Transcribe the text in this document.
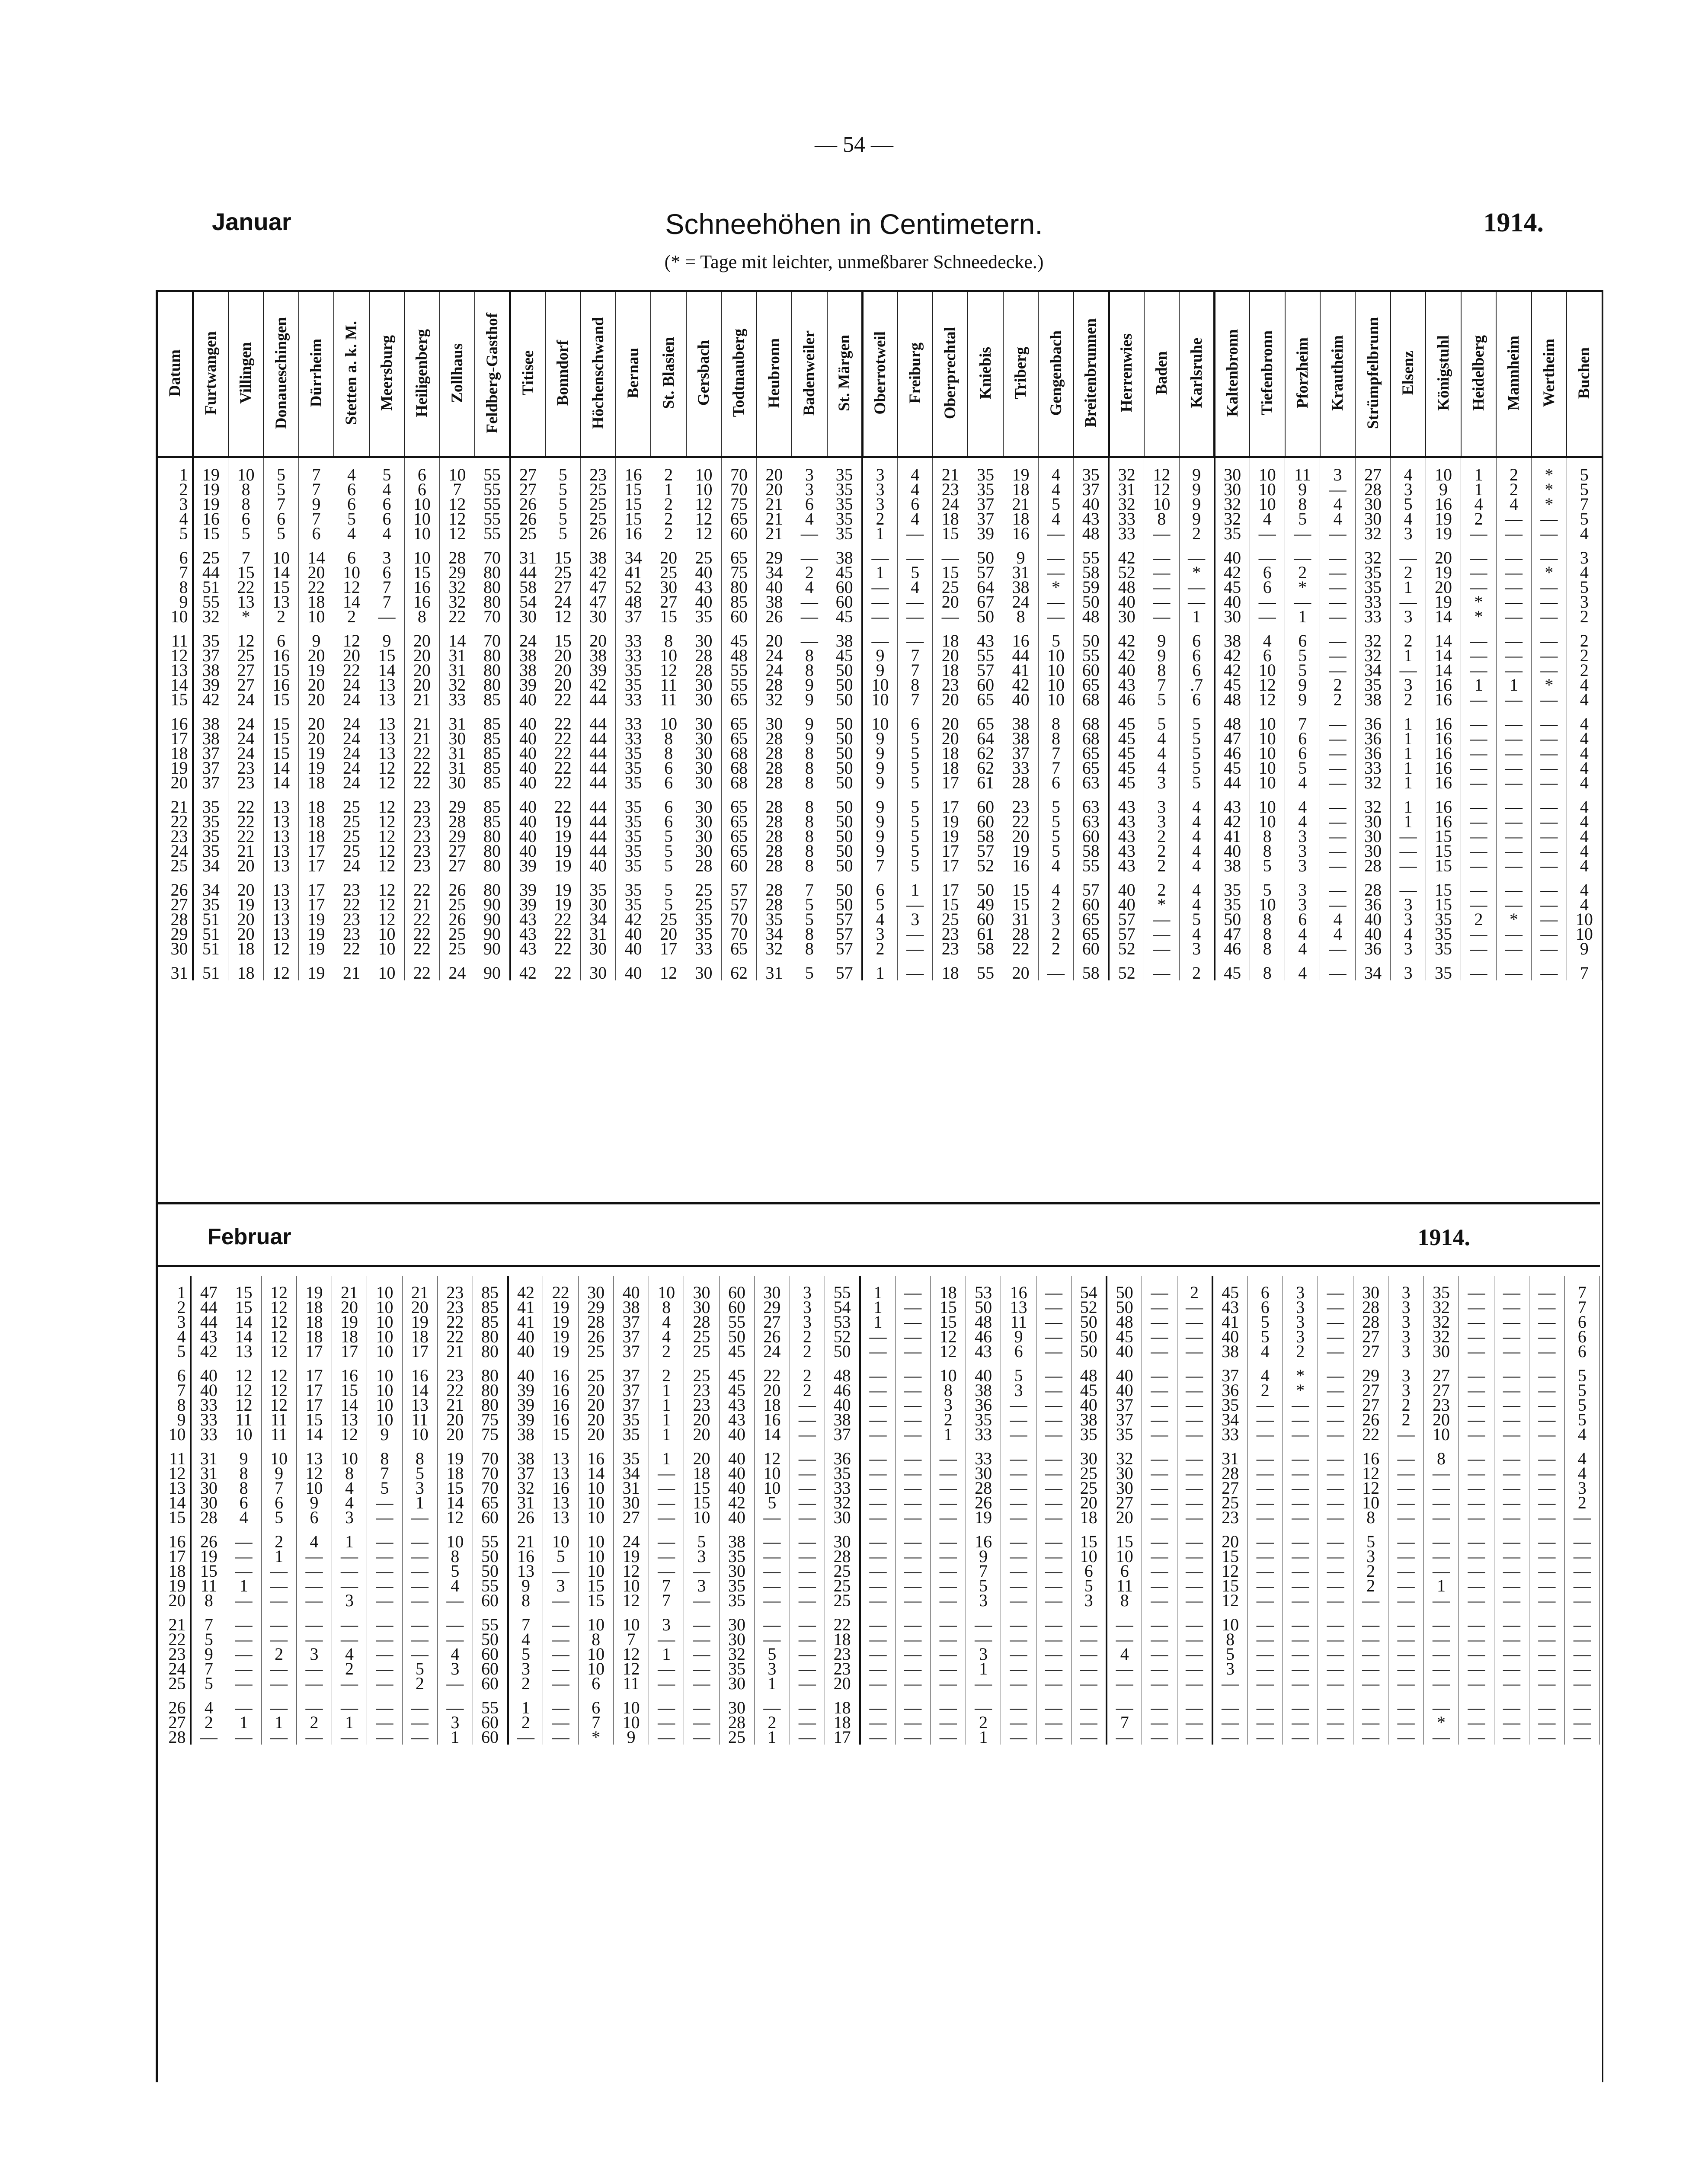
— 54 —
Januar	Schneehöhen in Centimetern.	1914.
(* = Tage mit leichter, unmeßbarer Schneedecke.)
Datum	Furtwangen	Villingen	Donaueschingen	Dürrheim	Stetten a. k. M.	Meersburg	Heiligenberg	Zollhaus	Feldberg-Gasthof	Titisee	Bonndorf	Höchenschwand	Bernau	St. Blasien	Gersbach	Todtnauberg	Heubronn	Badenweiler	St. Märgen	Oberrotweil	Freiburg	Oberprechtal	Kniebis	Triberg	Gengenbach	Breitenbrunnen	Herrenwies	Baden	Karlsruhe	Kaltenbronn	Tiefenbronn	Pforzheim	Krautheim	Strümpfelbrunn	Elsenz	Königstuhl	Heidelberg	Mannheim	Wertheim	Buchen

1	19	10	5	7	4	5	6	10	55	27	5	23	16	2	10	70	20	3	35	3	4	21	35	19	4	35	32	12	9	30	10	11	3	27	4	10	1	2	*	5
2	19	8	5	7	6	4	6	7	55	27	5	25	15	1	10	70	20	3	35	3	4	23	35	18	4	37	31	12	9	30	10	9	—	28	3	9	1	2	*	5
3	19	8	7	9	6	6	10	12	55	26	5	25	15	2	12	75	21	6	35	3	6	24	37	21	5	40	32	10	9	32	10	8	4	30	5	16	4	4	*	7
4	16	6	6	7	5	6	10	12	55	26	5	25	15	2	12	65	21	4	35	2	4	18	37	18	4	43	33	8	9	32	4	5	4	30	4	19	2	—	—	5
5	15	5	5	6	4	4	10	12	55	25	5	26	16	2	12	60	21	—	35	1	—	15	39	16	—	48	33	—	2	35	—	—	—	32	3	19	—	—	—	4

6	25	7	10	14	6	3	10	28	70	31	15	38	34	20	25	65	29	—	38	—	—	—	50	9	—	55	42	—	—	40	—	—	—	32	—	20	—	—	—	3
7	44	15	14	20	10	6	15	29	80	44	25	42	41	25	40	75	34	2	45	1	5	15	57	31	—	58	52	—	*	42	6	2	—	35	2	19	—	—	*	4
8	51	22	15	22	12	7	16	32	80	58	27	47	52	30	43	80	40	4	60	—	4	25	64	38	*	59	48	—	—	45	6	*	—	35	1	20	—	—	—	5
9	55	13	13	18	14	7	16	32	80	54	24	47	48	27	40	85	38	—	60	—	—	20	67	24	—	50	40	—	—	40	—	—	—	33	—	19	*	—	—	3
10	32	*	2	10	2	—	8	22	70	30	12	30	37	15	35	60	26	—	45	—	—	—	50	8	—	48	30	—	1	30	—	1	—	33	3	14	*	—	—	2

11	35	12	6	9	12	9	20	14	70	24	15	20	33	8	30	45	20	—	38	—	—	18	43	16	5	50	42	9	6	38	4	6	—	32	2	14	—	—	—	2
12	37	25	16	20	20	15	20	31	80	38	20	38	33	10	28	48	24	8	45	9	7	20	55	44	10	55	42	9	6	42	6	5	—	32	1	14	—	—	—	2
13	38	27	15	19	22	14	20	31	80	38	20	39	35	12	28	55	24	8	50	9	7	18	57	41	10	60	40	8	6	42	10	5	—	34	—	14	—	—	—	2
14	39	27	16	20	24	13	20	32	80	39	20	42	35	11	30	55	28	9	50	10	8	23	60	42	10	65	43	7	.7	45	12	9	2	35	3	16	1	1	*	4
15	42	24	15	20	24	13	21	33	85	40	22	44	33	11	30	65	32	9	50	10	7	20	65	40	10	68	46	5	6	48	12	9	2	38	2	16	—	—	—	4

16	38	24	15	20	24	13	21	31	85	40	22	44	33	10	30	65	30	9	50	10	6	20	65	38	8	68	45	5	5	48	10	7	—	36	1	16	—	—	—	4
17	38	24	15	20	24	13	21	30	85	40	22	44	33	8	30	65	28	9	50	9	5	20	64	38	8	68	45	4	5	47	10	6	—	36	1	16	—	—	—	4
18	37	24	15	19	24	13	22	31	85	40	22	44	35	8	30	68	28	8	50	9	5	18	62	37	7	65	45	4	5	46	10	6	—	36	1	16	—	—	—	4
19	37	23	14	19	24	12	22	31	85	40	22	44	35	6	30	68	28	8	50	9	5	18	62	33	7	65	45	4	5	45	10	5	—	33	1	16	—	—	—	4
20	37	23	14	18	24	12	22	30	85	40	22	44	35	6	30	68	28	8	50	9	5	17	61	28	6	63	45	3	5	44	10	4	—	32	1	16	—	—	—	4

21	35	22	13	18	25	12	23	29	85	40	22	44	35	6	30	65	28	8	50	9	5	17	60	23	5	63	43	3	4	43	10	4	—	32	1	16	—	—	—	4
22	35	22	13	18	25	12	23	28	85	40	19	44	35	6	30	65	28	8	50	9	5	19	60	22	5	63	43	3	4	42	10	4	—	30	1	16	—	—	—	4
23	35	22	13	18	25	12	23	29	80	40	19	44	35	5	30	65	28	8	50	9	5	19	58	20	5	60	43	2	4	41	8	3	—	30	—	15	—	—	—	4
24	35	21	13	17	25	12	23	27	80	40	19	44	35	5	30	65	28	8	50	9	5	17	57	19	5	58	43	2	4	40	8	3	—	30	—	15	—	—	—	4
25	34	20	13	17	24	12	23	27	80	39	19	40	35	5	28	60	28	8	50	7	5	17	52	16	4	55	43	2	4	38	5	3	—	28	—	15	—	—	—	4

26	34	20	13	17	23	12	22	26	80	39	19	35	35	5	25	57	28	7	50	6	1	17	50	15	4	57	40	2	4	35	5	3	—	28	—	15	—	—	—	4
27	35	19	13	17	22	12	21	25	90	39	19	30	35	5	25	57	28	5	50	5	—	15	49	15	2	60	40	*	4	35	10	3	—	36	3	15	—	—	—	4
28	51	20	13	19	23	12	22	26	90	43	22	34	42	25	35	70	35	5	57	4	3	25	60	31	3	65	57	—	5	50	8	6	4	40	3	35	2	*	—	10
29	51	20	13	19	23	10	22	25	90	43	22	31	40	20	35	70	34	8	57	3	—	23	61	28	2	65	57	—	4	47	8	4	4	40	4	35	—	—	—	10
30	51	18	12	19	22	10	22	25	90	43	22	30	40	17	33	65	32	8	57	2	—	23	58	22	2	60	52	—	3	46	8	4	—	36	3	35	—	—	—	9

31	51	18	12	19	21	10	22	24	90	42	22	30	40	12	30	62	31	5	57	1	—	18	55	20	—	58	52	—	2	45	8	4	—	34	3	35	—	—	—	7
Februar	1914.

1	47	15	12	19	21	10	21	23	85	42	22	30	40	10	30	60	30	3	55	1	—	18	53	16	—	54	50	—	2	45	6	3	—	30	3	35	—	—	—	7
2	44	15	12	18	20	10	20	23	85	41	19	29	38	8	30	60	29	3	54	1	—	15	50	13	—	52	50	—	—	43	6	3	—	28	3	32	—	—	—	7
3	44	14	12	18	19	10	19	22	85	41	19	28	37	4	28	55	27	3	53	1	—	15	48	11	—	50	48	—	—	41	5	3	—	28	3	32	—	—	—	6
4	43	14	12	18	18	10	18	22	80	40	19	26	37	4	25	50	26	2	52	—	—	12	46	9	—	50	45	—	—	40	5	3	—	27	3	32	—	—	—	6
5	42	13	12	17	17	10	17	21	80	40	19	25	37	2	25	45	24	2	50	—	—	12	43	6	—	50	40	—	—	38	4	2	—	27	3	30	—	—	—	6

6	40	12	12	17	16	10	16	23	80	40	16	25	37	2	25	45	22	2	48	—	—	10	40	5	—	48	40	—	—	37	4	*	—	29	3	27	—	—	—	5
7	40	12	12	17	15	10	14	22	80	39	16	20	37	1	23	45	20	2	46	—	—	8	38	3	—	45	40	—	—	36	2	*	—	27	3	27	—	—	—	5
8	33	12	12	17	14	10	13	21	80	39	16	20	37	1	23	43	18	—	40	—	—	3	36	—	—	40	37	—	—	35	—	—	—	27	2	23	—	—	—	5
9	33	11	11	15	13	10	11	20	75	39	16	20	35	1	20	43	16	—	38	—	—	2	35	—	—	38	37	—	—	34	—	—	—	26	2	20	—	—	—	5
10	33	10	11	14	12	9	10	20	75	38	15	20	35	1	20	40	14	—	37	—	—	1	33	—	—	35	35	—	—	33	—	—	—	22	—	10	—	—	—	4

11	31	9	10	13	10	8	8	19	70	38	13	16	35	1	20	40	12	—	36	—	—	—	33	—	—	30	32	—	—	31	—	—	—	16	—	8	—	—	—	4
12	31	8	9	12	8	7	5	18	70	37	13	14	34	—	18	40	10	—	35	—	—	—	30	—	—	25	30	—	—	28	—	—	—	12	—	—	—	—	—	4
13	30	8	7	10	4	5	3	15	70	32	16	10	31	—	15	40	10	—	33	—	—	—	28	—	—	25	30	—	—	27	—	—	—	12	—	—	—	—	—	3
14	30	6	6	9	4	—	1	14	65	31	13	10	30	—	15	42	5	—	32	—	—	—	26	—	—	20	27	—	—	25	—	—	—	10	—	—	—	—	—	2
15	28	4	5	6	3	—	—	12	60	26	13	10	27	—	10	40	—	—	30	—	—	—	19	—	—	18	20	—	—	23	—	—	—	8	—	—	—	—	—	—

16	26	—	2	4	1	—	—	10	55	21	10	10	24	—	5	38	—	—	30	—	—	—	16	—	—	15	15	—	—	20	—	—	—	5	—	—	—	—	—	—
17	19	—	1	—	—	—	—	8	50	16	5	10	19	—	3	35	—	—	28	—	—	—	9	—	—	10	10	—	—	15	—	—	—	3	—	—	—	—	—	—
18	15	—	—	—	—	—	—	5	50	13	—	10	12	—	—	30	—	—	25	—	—	—	7	—	—	6	6	—	—	12	—	—	—	2	—	—	—	—	—	—
19	11	1	—	—	—	—	—	4	55	9	3	15	10	7	3	35	—	—	25	—	—	—	5	—	—	5	11	—	—	15	—	—	—	2	—	1	—	—	—	—
20	8	—	—	—	3	—	—	—	60	8	—	15	12	7	—	35	—	—	25	—	—	—	3	—	—	3	8	—	—	12	—	—	—	—	—	—	—	—	—	—

21	7	—	—	—	—	—	—	—	55	7	—	10	10	3	—	30	—	—	22	—	—	—	—	—	—	—	—	—	—	10	—	—	—	—	—	—	—	—	—	—
22	5	—	—	—	—	—	—	—	50	4	—	8	7	—	—	30	—	—	18	—	—	—	—	—	—	—	—	—	—	8	—	—	—	—	—	—	—	—	—	—
23	9	—	2	3	4	—	—	4	60	5	—	10	12	1	—	32	5	—	23	—	—	—	3	—	—	—	4	—	—	5	—	—	—	—	—	—	—	—	—	—
24	7	—	—	—	2	—	5	3	60	3	—	10	12	—	—	35	3	—	23	—	—	—	1	—	—	—	—	—	—	3	—	—	—	—	—	—	—	—	—	—
25	5	—	—	—	—	—	2	—	60	2	—	6	11	—	—	30	1	—	20	—	—	—	—	—	—	—	—	—	—	—	—	—	—	—	—	—	—	—	—	—

26	4	—	—	—	—	—	—	—	55	1	—	6	10	—	—	30	—	—	18	—	—	—	—	—	—	—	—	—	—	—	—	—	—	—	—	—	—	—	—	—
27	2	1	1	2	1	—	—	3	60	2	—	7	10	—	—	28	2	—	18	—	—	—	2	—	—	—	7	—	—	—	—	—	—	—	—	*	—	—	—	—
28	—	—	—	—	—	—	—	1	60	—	—	*	9	—	—	25	1	—	17	—	—	—	1	—	—	—	—	—	—	—	—	—	—	—	—	—	—	—	—	—
